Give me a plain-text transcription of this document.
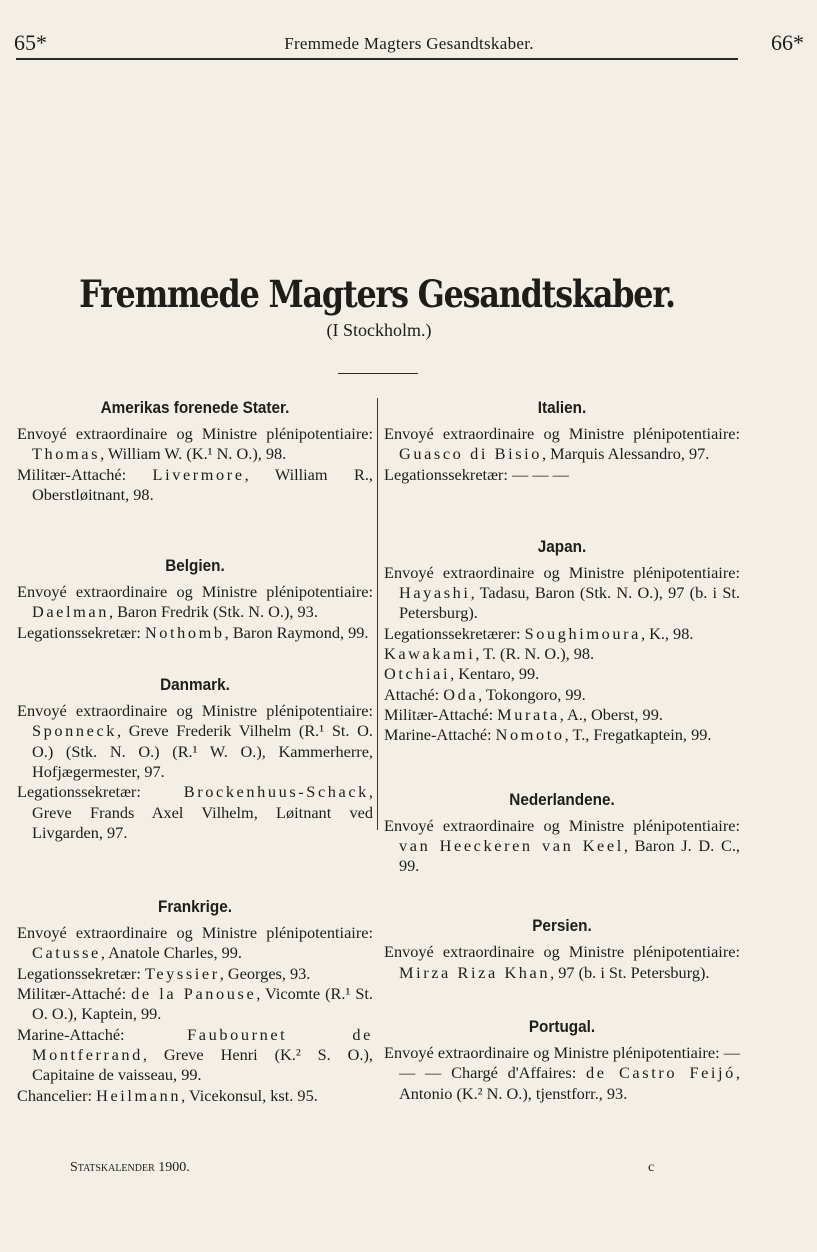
65*	Fremmede Magters Gesandtskaber.	66*
Fremmede Magters Gesandtskaber.
(I Stockholm.)
Amerikas forenede Stater.

Envoyé extraordinaire og Ministre plénipotentiaire: Thomas, William W. (K.¹ N. O.), 98.

Militær-Attaché: Livermore, William R., Oberstløitnant, 98.

Belgien.

Envoyé extraordinaire og Ministre plénipotentiaire: Daelman, Baron Fredrik (Stk. N. O.), 93.

Legationssekretær: Nothomb, Baron Raymond, 99.

Danmark.

Envoyé extraordinaire og Ministre plénipotentiaire: Sponneck, Greve Frederik Vilhelm (R.¹ St. O. O.) (Stk. N. O.) (R.¹ W. O.), Kammerherre, Hofjægermester, 97.

Legationssekretær: Brockenhuus-Schack, Greve Frands Axel Vilhelm, Løitnant ved Livgarden, 97.

Frankrige.

Envoyé extraordinaire og Ministre plénipotentiaire: Catusse, Anatole Charles, 99.

Legationssekretær: Teyssier, Georges, 93.

Militær-Attaché: de la Panouse, Vicomte (R.¹ St. O. O.), Kaptein, 99.

Marine-Attaché: Faubournet de Montferrand, Greve Henri (K.² S. O.), Capitaine de vaisseau, 99.

Chancelier: Heilmann, Vicekonsul, kst. 95.

Italien.

Envoyé extraordinaire og Ministre plénipotentiaire: Guasco di Bisio, Marquis Alessandro, 97.

Legationssekretær: — — —

Japan.

Envoyé extraordinaire og Ministre plénipotentiaire: Hayashi, Tadasu, Baron (Stk. N. O.), 97 (b. i St. Petersburg).

Legationssekretærer: Soughimoura, K., 98.

Kawakami, T. (R. N. O.), 98.

Otchiai, Kentaro, 99.

Attaché: Oda, Tokongoro, 99.

Militær-Attaché: Murata, A., Oberst, 99.

Marine-Attaché: Nomoto, T., Fregatkaptein, 99.

Nederlandene.

Envoyé extraordinaire og Ministre plénipotentiaire: van Heeckeren van Keel, Baron J. D. C., 99.

Persien.

Envoyé extraordinaire og Ministre plénipotentiaire: Mirza Riza Khan, 97 (b. i St. Petersburg).

Portugal.

Envoyé extraordinaire og Ministre plénipotentiaire: — — — Chargé d'Affaires: de Castro Feijó, Antonio (K.² N. O.), tjenstforr., 93.

Statskalender 1900.	c
